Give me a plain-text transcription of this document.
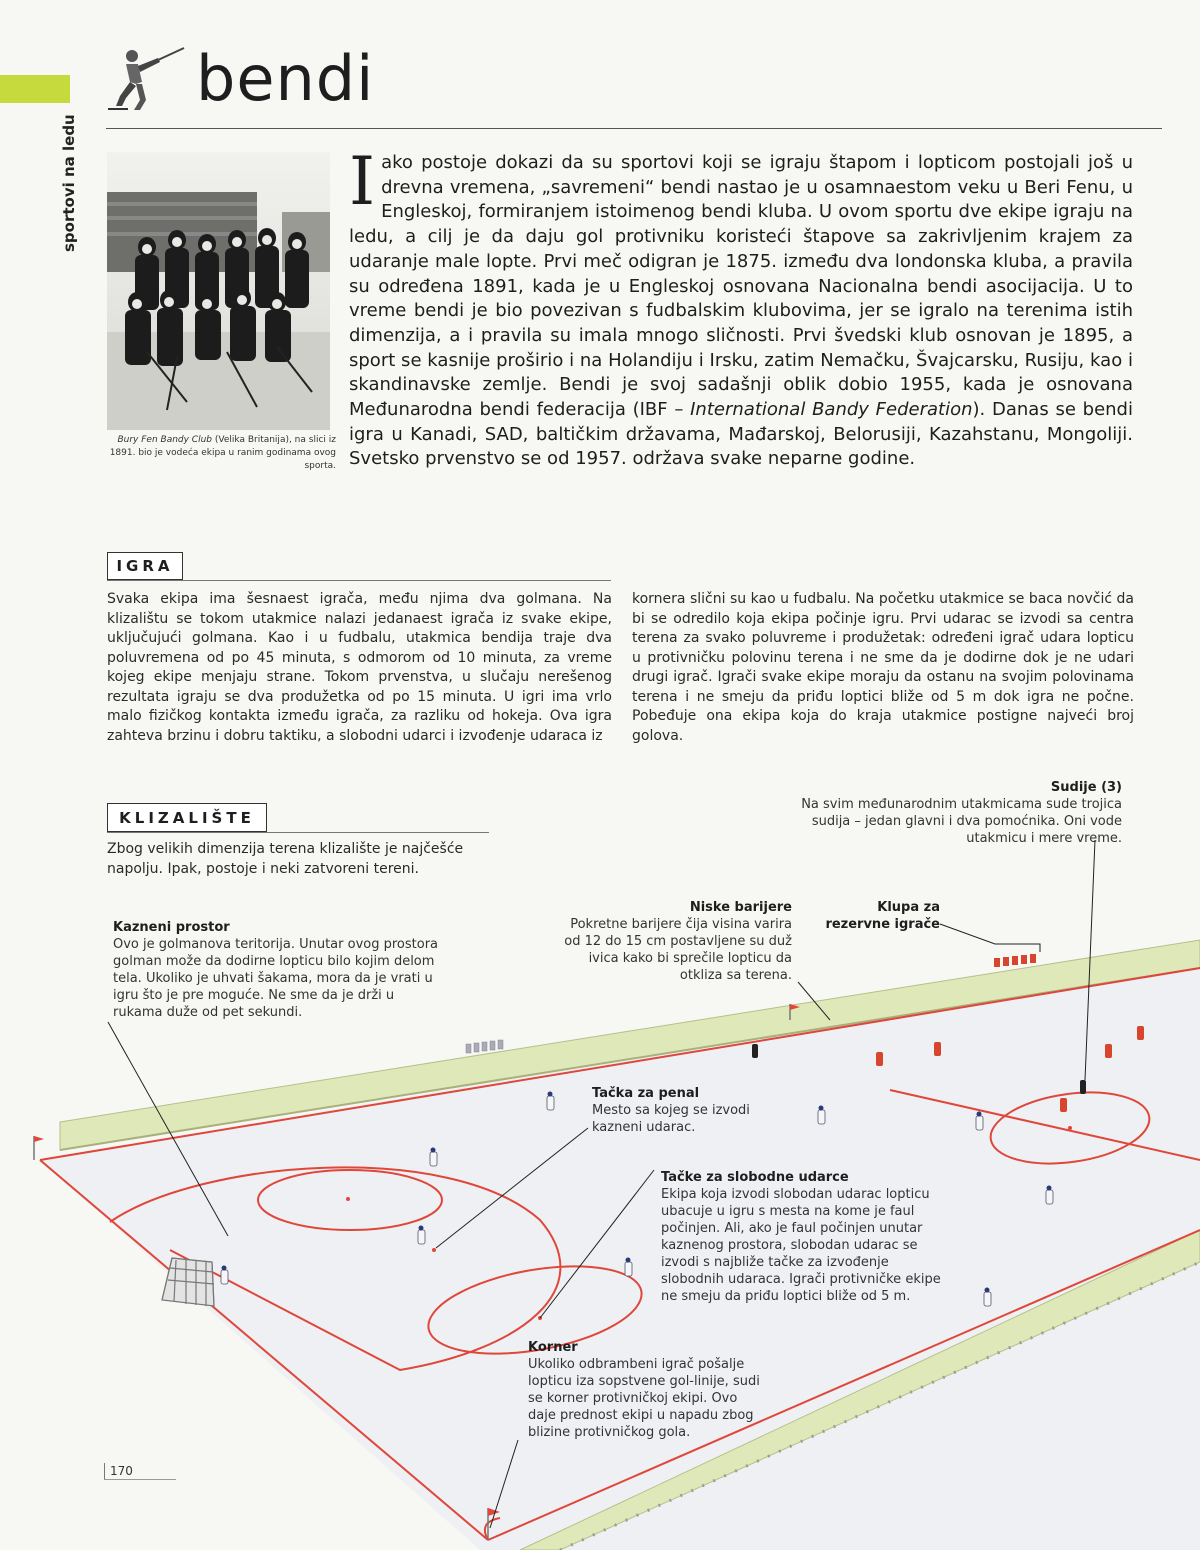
sportovi na ledu
bendi
Bury Fen Bandy Club (Velika Britanija), na slici iz 1891. bio je vodeća ekipa u ranim godinama ovog sporta.
Iako postoje dokazi da su sportovi koji se igraju štapom i lopticom postojali još u drevna vremena, „savremeni“ bendi nastao je u osamnaestom veku u Beri Fenu, u Engleskoj, formiranjem istoimenog bendi kluba. U ovom sportu dve ekipe igraju na ledu, a cilj je da daju gol protivniku koristeći štapove sa zakrivljenim krajem za udaranje male lopte. Prvi meč odigran je 1875. između dva londonska kluba, a pravila su određena 1891, kada je u Engleskoj osnovana Nacionalna bendi asocijacija. U to vreme bendi je bio povezivan s fudbalskim klubovima, jer se igralo na terenima istih dimenzija, a i pravila su imala mnogo sličnosti. Prvi švedski klub osnovan je 1895, a sport se kasnije proširio i na Holandiju i Irsku, zatim Nemačku, Švajcarsku, Rusiju, kao i skandinavske zemlje. Bendi je svoj sadašnji oblik dobio 1955, kada je osnovana Međunarodna bendi federacija (IBF – International Bandy Federation). Danas se bendi igra u Kanadi, SAD, baltičkim državama, Mađarskoj, Belorusiji, Kazahstanu, Mongoliji. Svetsko prvenstvo se od 1957. održava svake neparne godine.
IGRA
Svaka ekipa ima šesnaest igrača, među njima dva golmana. Na klizalištu se tokom utakmice nalazi jedanaest igrača iz svake ekipe, uključujući golmana. Kao i u fudbalu, utakmica bendija traje dva poluvremena od po 45 minuta, s odmorom od 10 minuta, za vreme kojeg ekipe menjaju strane. Tokom prvenstva, u slučaju nerešenog rezultata igraju se dva produžetka od po 15 minuta. U igri ima vrlo malo fizičkog kontakta između igrača, za razliku od hokeja. Ova igra zahteva brzinu i dobru taktiku, a slobodni udarci i izvođenje udaraca iz
kornera slični su kao u fudbalu. Na početku utakmice se baca novčić da bi se odredilo koja ekipa počinje igru. Prvi udarac se izvodi sa centra terena za svako poluvreme i produžetak: određeni igrač udara lopticu u protivničku polovinu terena i ne sme da je dodirne dok je ne udari drugi igrač. Igrači svake ekipe moraju da ostanu na svojim polovinama terena i ne smeju da priđu loptici bliže od 5 m dok igra ne počne. Pobeđuje ona ekipa koja do kraja utakmice postigne najveći broj golova.
KLIZALIŠTE
Zbog velikih dimenzija terena klizalište je najčešće napolju. Ipak, postoje i neki zatvoreni tereni.
Sudije (3)
Na svim međunarodnim utakmicama sude trojica sudija – jedan glavni i dva pomoćnika. Oni vode utakmicu i mere vreme.
Niske barijere
Pokretne barijere čija visina varira od 12 do 15 cm postavljene su duž ivica kako bi sprečile lopticu da otkliza sa terena.
Klupa za rezervne igrače
Kazneni prostor
Ovo je golmanova teritorija. Unutar ovog prostora golman može da dodirne lopticu bilo kojim delom tela. Ukoliko je uhvati šakama, mora da je vrati u igru što je pre moguće. Ne sme da je drži u rukama duže od pet sekundi.
Tačka za penal
Mesto sa kojeg se izvodi kazneni udarac.
Tačke za slobodne udarce
Ekipa koja izvodi slobodan udarac lopticu ubacuje u igru s mesta na kome je faul počinjen. Ali, ako je faul počinjen unutar kaznenog prostora, slobodan udarac se izvodi s najbliže tačke za izvođenje slobodnih udaraca. Igrači protivničke ekipe ne smeju da priđu loptici bliže od 5 m.
Korner
Ukoliko odbrambeni igrač pošalje lopticu iza sopstvene gol-linije, sudi se korner protivničkoj ekipi. Ovo daje prednost ekipi u napadu zbog blizine protivničkog gola.
170
